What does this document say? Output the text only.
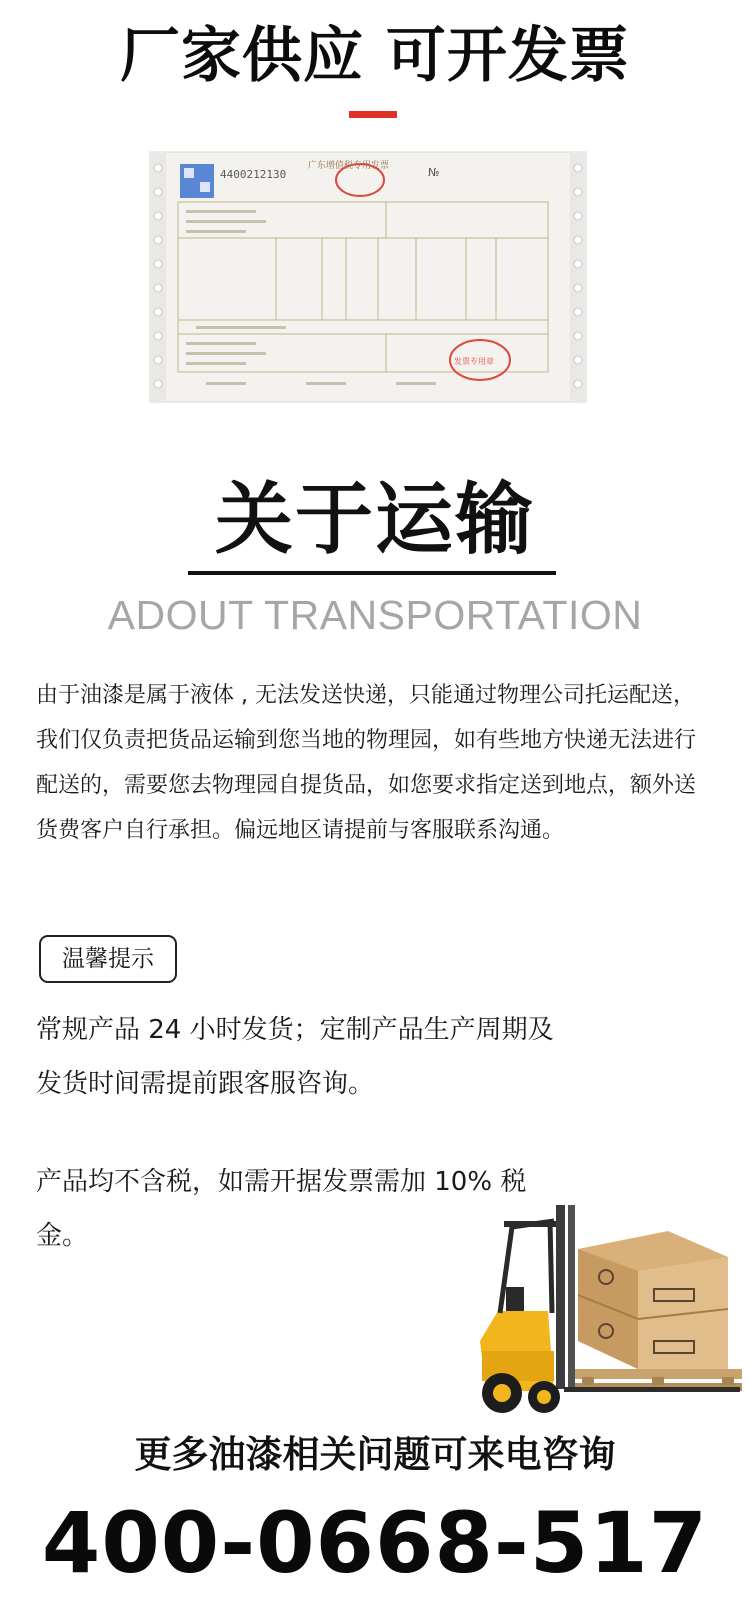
厂家供应 可开发票
4400212130
广东增值税专用发票	№
发票专用章
关于运输
ADOUT TRANSPORTATION
由于油漆是属于液体 , 无法发送快递，只能通过物理公司托运配送，我们仅负责把货品运输到您当地的物理园，如有些地方快递无法进行配送的，需要您去物理园自提货品，如您要求指定送到地点，额外送货费客户自行承担。偏远地区请提前与客服联系沟通。
温馨提示
常规产品 24 小时发货；定制产品生产周期及发货时间需提前跟客服咨询。
产品均不含税，如需开据发票需加 10% 税金。
更多油漆相关问题可来电咨询
400-0668-517
